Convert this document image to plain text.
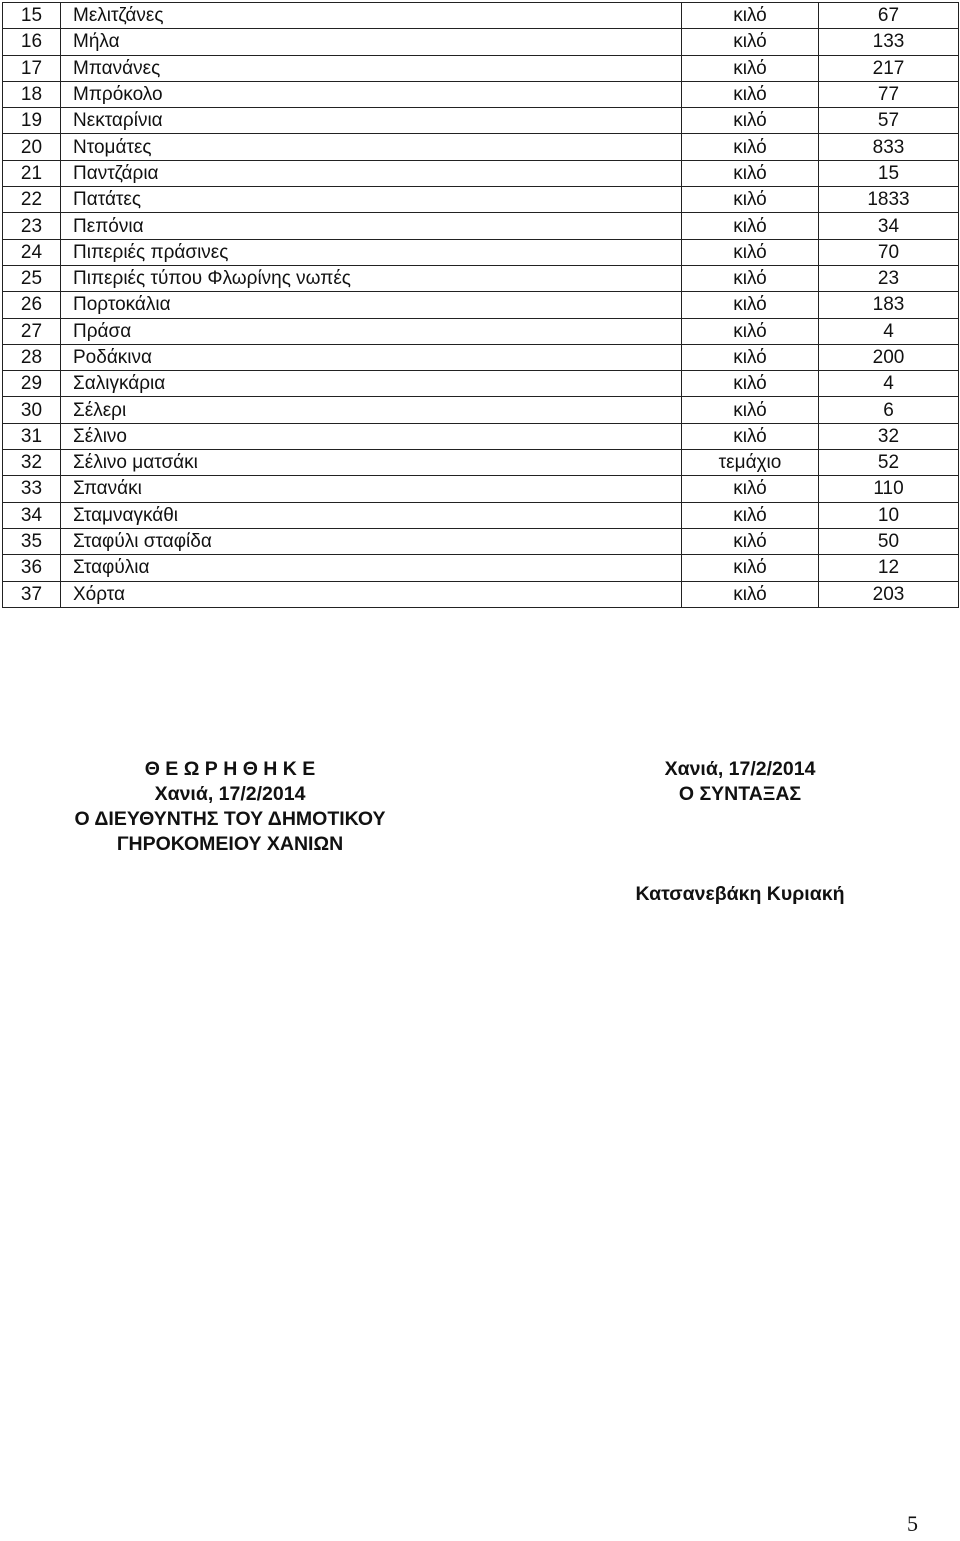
15	Μελιτζάνες	κιλό	67
16	Μήλα	κιλό	133
17	Μπανάνες	κιλό	217
18	Μπρόκολο	κιλό	77
19	Νεκταρίνια	κιλό	57
20	Ντομάτες	κιλό	833
21	Παντζάρια	κιλό	15
22	Πατάτες	κιλό	1833
23	Πεπόνια	κιλό	34
24	Πιπεριές πράσινες	κιλό	70
25	Πιπεριές τύπου Φλωρίνης νωπές	κιλό	23
26	Πορτοκάλια	κιλό	183
27	Πράσα	κιλό	4
28	Ροδάκινα	κιλό	200
29	Σαλιγκάρια	κιλό	4
30	Σέλερι	κιλό	6
31	Σέλινο	κιλό	32
32	Σέλινο ματσάκι	τεμάχιο	52
33	Σπανάκι	κιλό	110
34	Σταμναγκάθι	κιλό	10
35	Σταφύλι σταφίδα	κιλό	50
36	Σταφύλια	κιλό	12
37	Χόρτα	κιλό	203
Θ Ε Ω Ρ Η Θ Η Κ Ε
Χανιά, 17/2/2014
Ο ΔΙΕΥΘΥΝΤΗΣ ΤΟΥ ΔΗΜΟΤΙΚΟΥ
ΓΗΡΟΚΟΜΕΙΟΥ ΧΑΝΙΩΝ
Χανιά, 17/2/2014
Ο ΣΥΝΤΑΞΑΣ
Κατσανεβάκη Κυριακή
5
